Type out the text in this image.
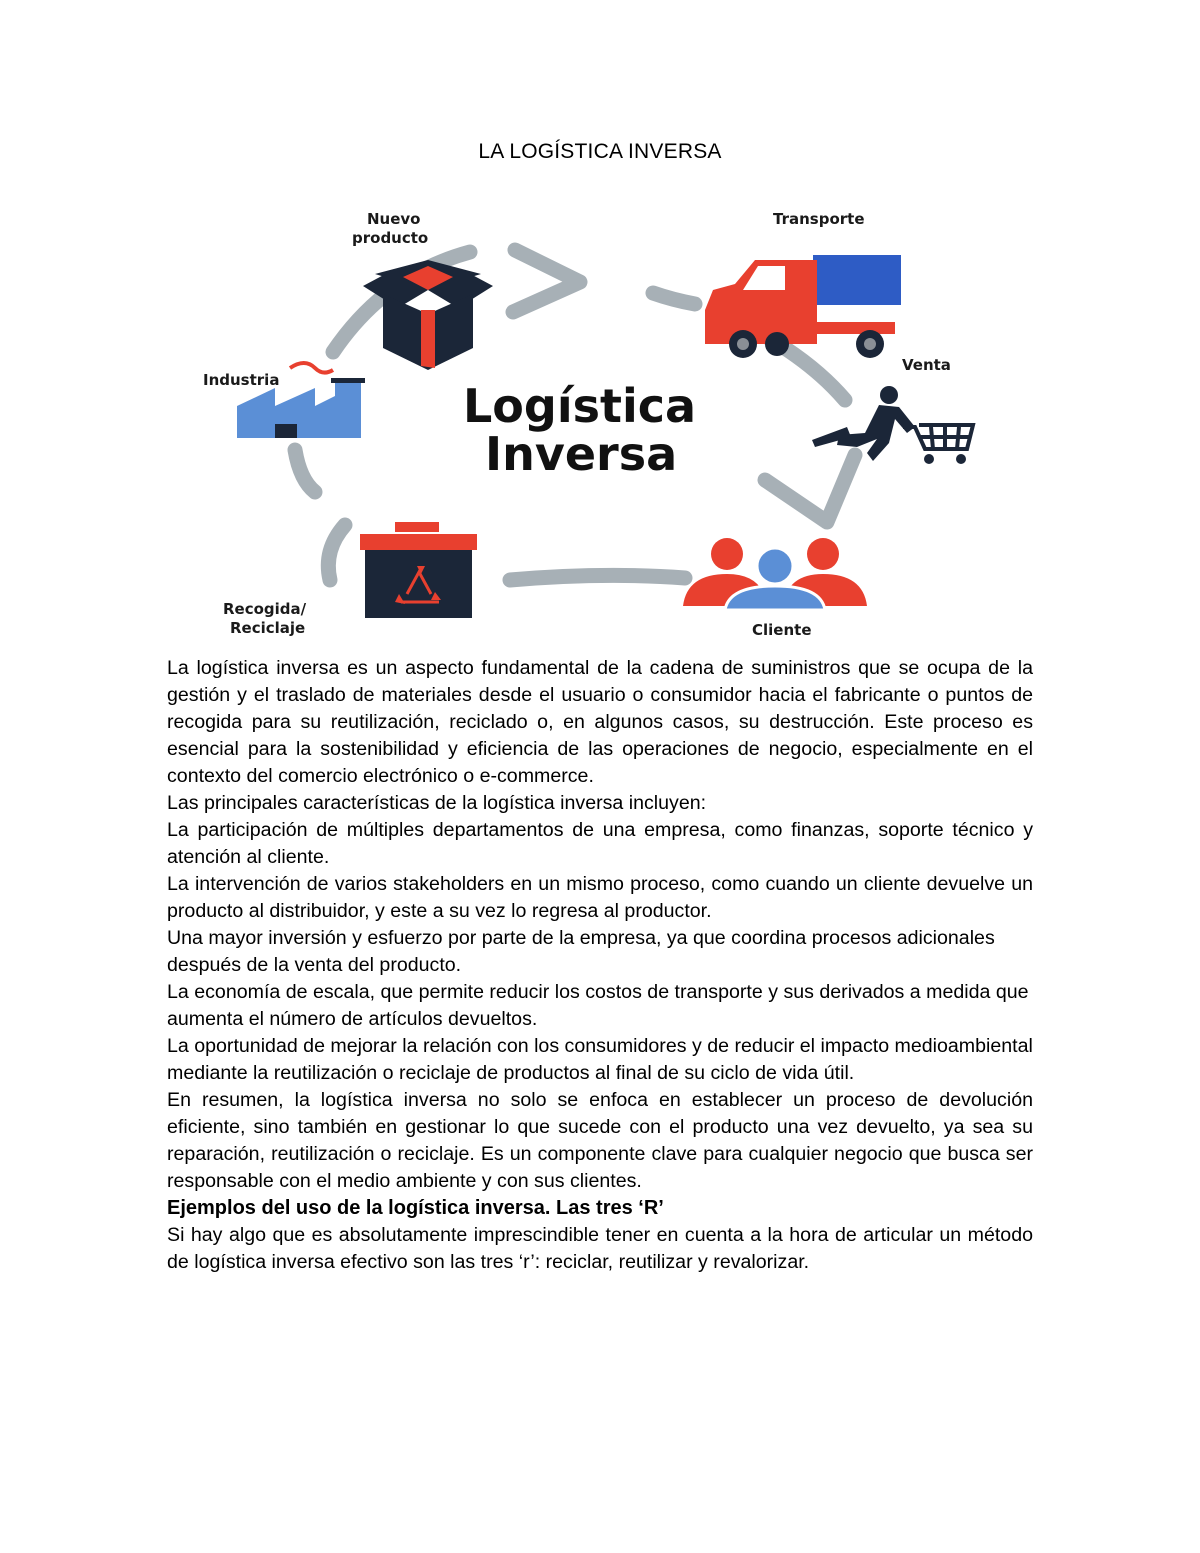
LA LOGÍSTICA INVERSA
Logística
Inversa
Nuevo
producto
Transporte
Venta
Cliente
Recogida/
Reciclaje
Industria

La logística inversa es un aspecto fundamental de la cadena de suministros que se ocupa de la gestión y el traslado de materiales desde el usuario o consumidor hacia el fabricante o puntos de recogida para su reutilización, reciclado o, en algunos casos, su destrucción. Este proceso es esencial para la sostenibilidad y eficiencia de las operaciones de negocio, especialmente en el contexto del comercio electrónico o e-commerce.

Las principales características de la logística inversa incluyen:

La participación de múltiples departamentos de una empresa, como finanzas, soporte técnico y atención al cliente.

La intervención de varios stakeholders en un mismo proceso, como cuando un cliente devuelve un producto al distribuidor, y este a su vez lo regresa al productor.

Una mayor inversión y esfuerzo por parte de la empresa, ya que coordina procesos adicionales después de la venta del producto.

La economía de escala, que permite reducir los costos de transporte y sus derivados a medida que aumenta el número de artículos devueltos.

La oportunidad de mejorar la relación con los consumidores y de reducir el impacto medioambiental mediante la reutilización o reciclaje de productos al final de su ciclo de vida útil.

En resumen, la logística inversa no solo se enfoca en establecer un proceso de devolución eficiente, sino también en gestionar lo que sucede con el producto una vez devuelto, ya sea su reparación, reutilización o reciclaje. Es un componente clave para cualquier negocio que busca ser responsable con el medio ambiente y con sus clientes.

Ejemplos del uso de la logística inversa. Las tres ‘R’

Si hay algo que es absolutamente imprescindible tener en cuenta a la hora de articular un método de logística inversa efectivo son las tres ‘r’: reciclar, reutilizar y revalorizar.
